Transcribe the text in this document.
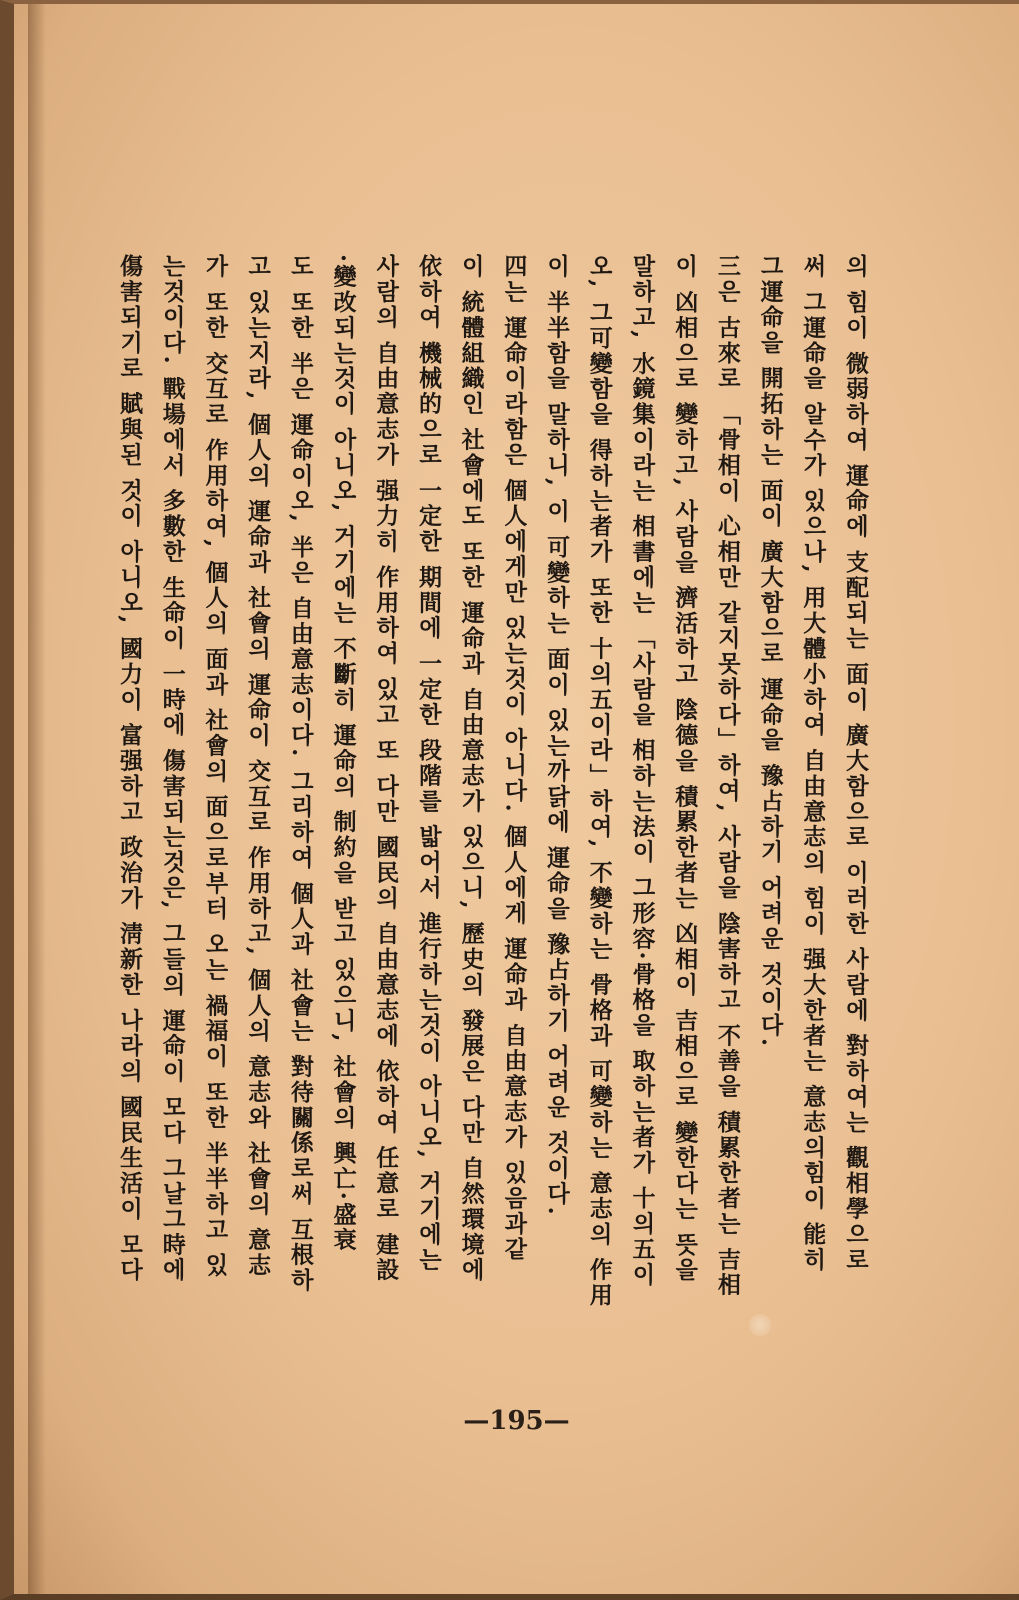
의 힘이 微弱하여 運命에 支配되는 面이 廣大함으로 이러한 사람에 對하여는 觀相學으로

써 그運命을 알수가 있으나, 用大體小하여 自由意志의 힘이 强大한者는 意志의힘이 能히

그運命을 開拓하는 面이 廣大함으로 運命을 豫占하기 어려운 것이다.

三은 古來로 「骨相이 心相만 같지못하다」하여, 사람을 陰害하고 不善을 積累한者는 吉相

이 凶相으로 變하고, 사람을 濟活하고 陰德을 積累한者는 凶相이 吉相으로 變한다는 뜻을

말하고, 水鏡集이라는 相書에는 「사람을 相하는法이 그形容·骨格을 取하는者가 十의五이

오, 그可變함을 得하는者가 또한 十의五이라」하여, 不變하는 骨格과 可變하는 意志의 作用

이 半半함을 말하니, 이 可變하는 面이 있는까닭에 運命을 豫占하기 어려운 것이다.

四는 運命이라함은 個人에게만 있는것이 아니다. 個人에게 運命과 自由意志가 있음과같

이 統體組織인 社會에도 또한 運命과 自由意志가 있으니, 歷史의 發展은 다만 自然環境에

依하여 機械的으로 一定한 期間에 一定한 段階를 밟어서 進行하는것이 아니오, 거기에는

사람의 自由意志가 强力히 作用하여 있고 또 다만 國民의 自由意志에 依하여 任意로 建設

·變改되는것이 아니오, 거기에는 不斷히 運命의 制約을 받고 있으니, 社會의 興亡·盛衰

도 또한 半은 運命이오, 半은 自由意志이다. 그리하여 個人과 社會는 對待關係로써 互根하

고 있는지라, 個人의 運命과 社會의 運命이 交互로 作用하고, 個人의 意志와 社會의 意志

가 또한 交互로 作用하여, 個人의 面과 社會의 面으로부터 오는 禍福이 또한 半半하고 있

는것이다. 戰場에서 多數한 生命이 一時에 傷害되는것은, 그들의 運命이 모다 그날그時에

傷害되기로 賦與된 것이 아니오, 國力이 富强하고 政治가 淸新한 나라의 國民生活이 모다

—195—
